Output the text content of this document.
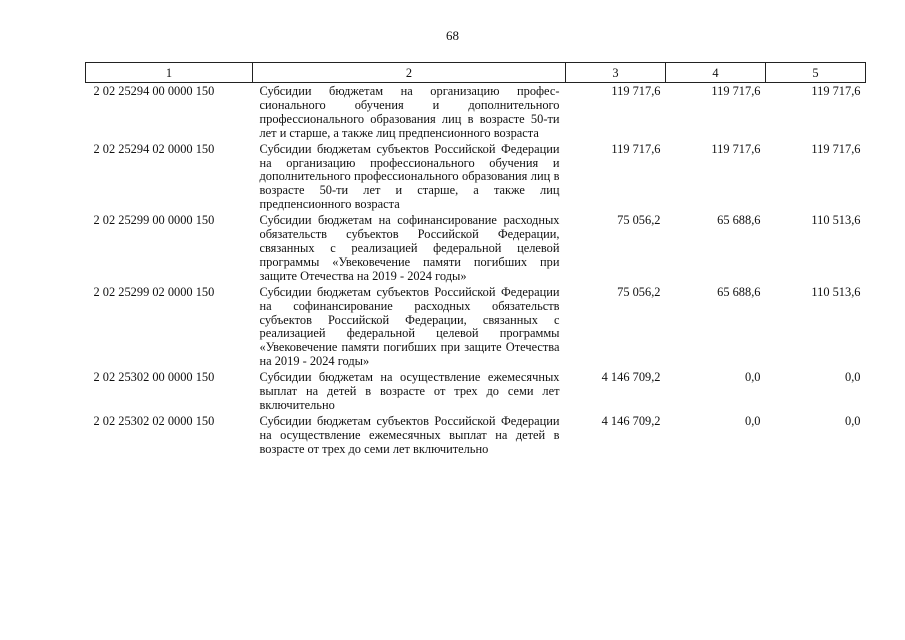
68
1	2	3	4	5
2 02 25294 00 0000 150	Субсидии бюджетам на организацию профессионального обучения и дополнительного профессионального образования лиц в возрасте 50-ти лет и старше, а также лиц предпенсионного возраста	119 717,6	119 717,6	119 717,6
2 02 25294 02 0000 150	Субсидии бюджетам субъектов Российской Федерации на организацию профессионального обучения и дополнительного профессионального образования лиц в возрасте 50-ти лет и старше, а также лиц предпенсионного возраста	119 717,6	119 717,6	119 717,6
2 02 25299 00 0000 150	Субсидии бюджетам на софинансирование расходных обязательств субъектов Российской Федерации, связанных с реализацией федеральной целевой программы «Увековечение памяти погибших при защите Отечества на 2019 - 2024 годы»	75 056,2	65 688,6	110 513,6
2 02 25299 02 0000 150	Субсидии бюджетам субъектов Российской Федерации на софинансирование расходных обязательств субъектов Российской Федерации, связанных с реализацией федеральной целевой программы «Увековечение памяти погибших при защите Отечества на 2019 - 2024 годы»	75 056,2	65 688,6	110 513,6
2 02 25302 00 0000 150	Субсидии бюджетам на осуществление ежемесячных выплат на детей в возрасте от трех до семи лет включительно	4 146 709,2	0,0	0,0
2 02 25302 02 0000 150	Субсидии бюджетам субъектов Российской Федерации на осуществление ежемесячных выплат на детей в возрасте от трех до семи лет включительно	4 146 709,2	0,0	0,0
